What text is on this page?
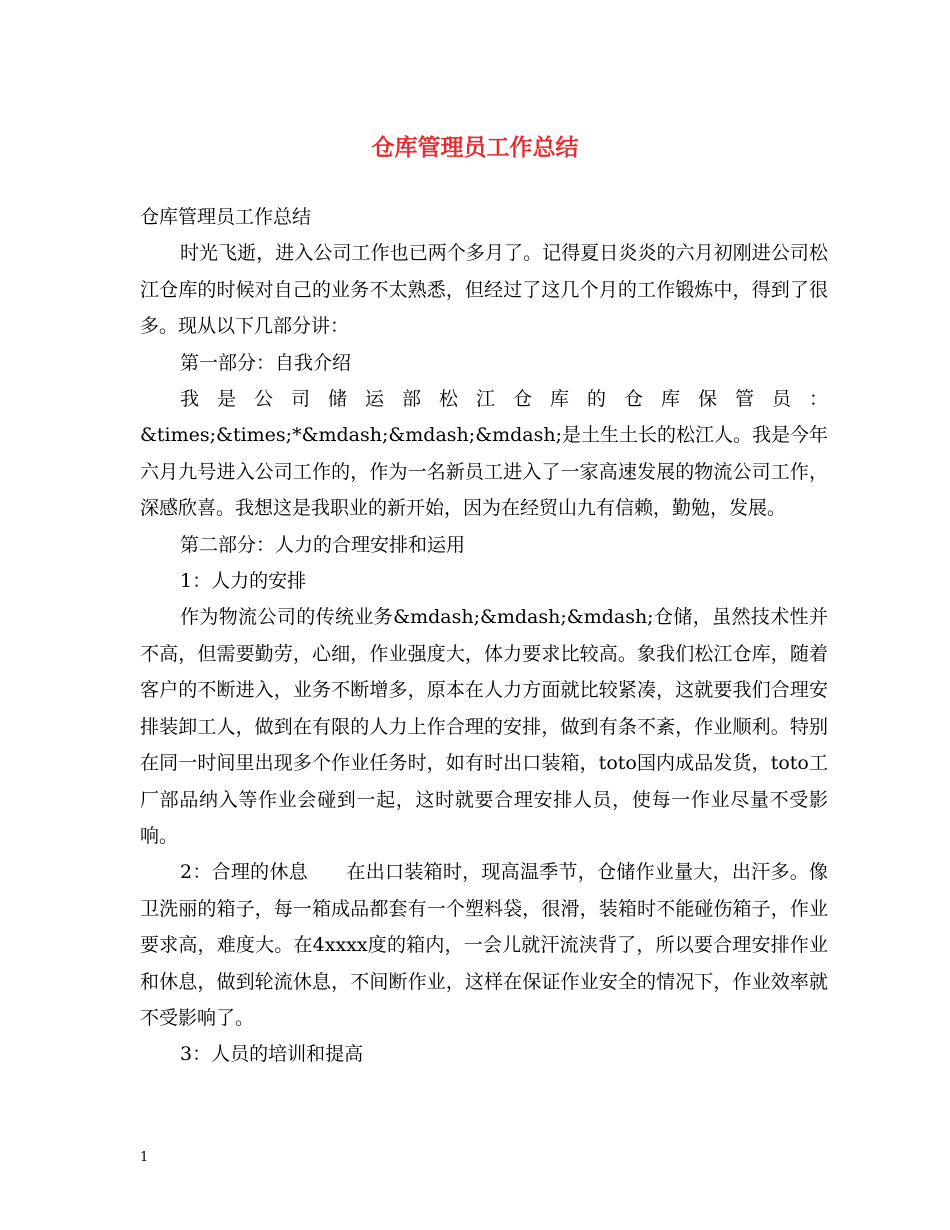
仓库管理员工作总结

仓库管理员工作总结

时光飞逝，进入公司工作也已两个多月了。记得夏日炎炎的六月初刚进公司松江仓库的时候对自己的业务不太熟悉，但经过了这几个月的工作锻炼中，得到了很多。现从以下几部分讲：

第一部分：自我介绍

我是公司储运部松江仓库的仓库保管员：

&times;&times;*&mdash;&mdash;&mdash;是土生土长的松江人。我是今年六月九号进入公司工作的，作为一名新员工进入了一家高速发展的物流公司工作，深感欣喜。我想这是我职业的新开始，因为在经贸山九有信赖，勤勉，发展。

第二部分：人力的合理安排和运用

1：人力的安排

作为物流公司的传统业务&mdash;&mdash;&mdash;仓储，虽然技术性并不高，但需要勤劳，心细，作业强度大，体力要求比较高。象我们松江仓库，随着客户的不断进入，业务不断增多，原本在人力方面就比较紧凑，这就要我们合理安排装卸工人，做到在有限的人力上作合理的安排，做到有条不紊，作业顺利。特别在同一时间里出现多个作业任务时，如有时出口装箱，toto国内成品发货，toto工厂部品纳入等作业会碰到一起，这时就要合理安排人员，使每一作业尽量不受影响。

2：合理的休息　　在出口装箱时，现高温季节，仓储作业量大，出汗多。像卫洗丽的箱子，每一箱成品都套有一个塑料袋，很滑，装箱时不能碰伤箱子，作业要求高，难度大。在4xxxx度的箱内，一会儿就汗流浃背了，所以要合理安排作业和休息，做到轮流休息，不间断作业，这样在保证作业安全的情况下，作业效率就不受影响了。

3：人员的培训和提高

1
